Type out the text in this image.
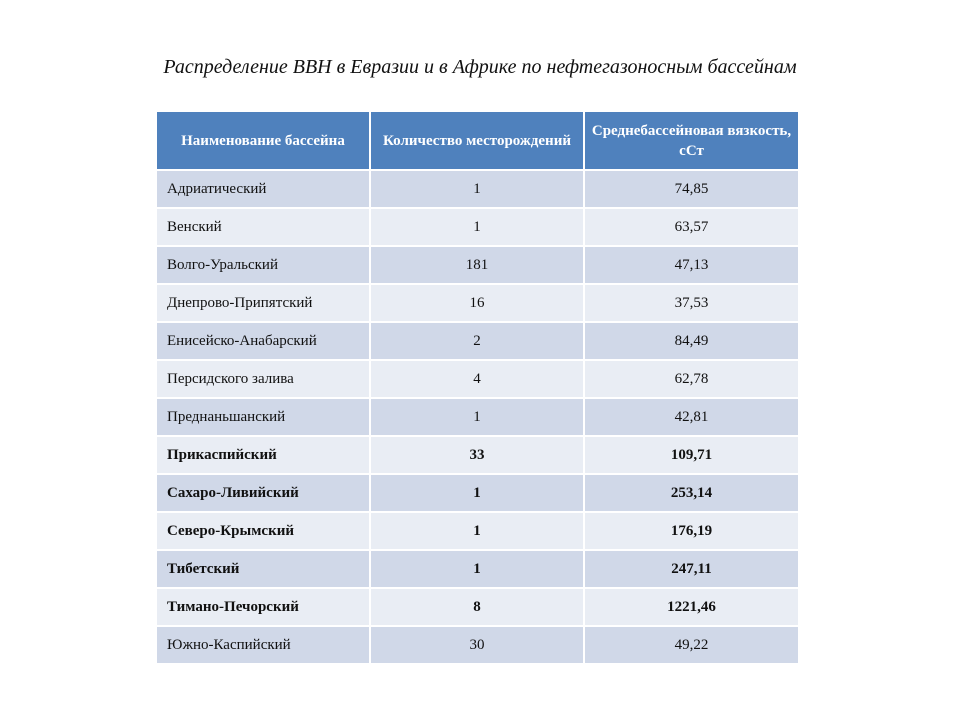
Распределение ВВН в Евразии и в Африке по нефтегазоносным бассейнам
Наименование бассейна	Количество месторождений	Среднебассейновая вязкость, сСт
Адриатический	1	74,85
Венский	1	63,57
Волго-Уральский	181	47,13
Днепрово-Припятский	16	37,53
Енисейско-Анабарский	2	84,49
Персидского залива	4	62,78
Преднаньшанский	1	42,81
Прикаспийский	33	109,71
Сахаро-Ливийский	1	253,14
Северо-Крымский	1	176,19
Тибетский	1	247,11
Тимано-Печорский	8	1221,46
Южно-Каспийский	30	49,22
